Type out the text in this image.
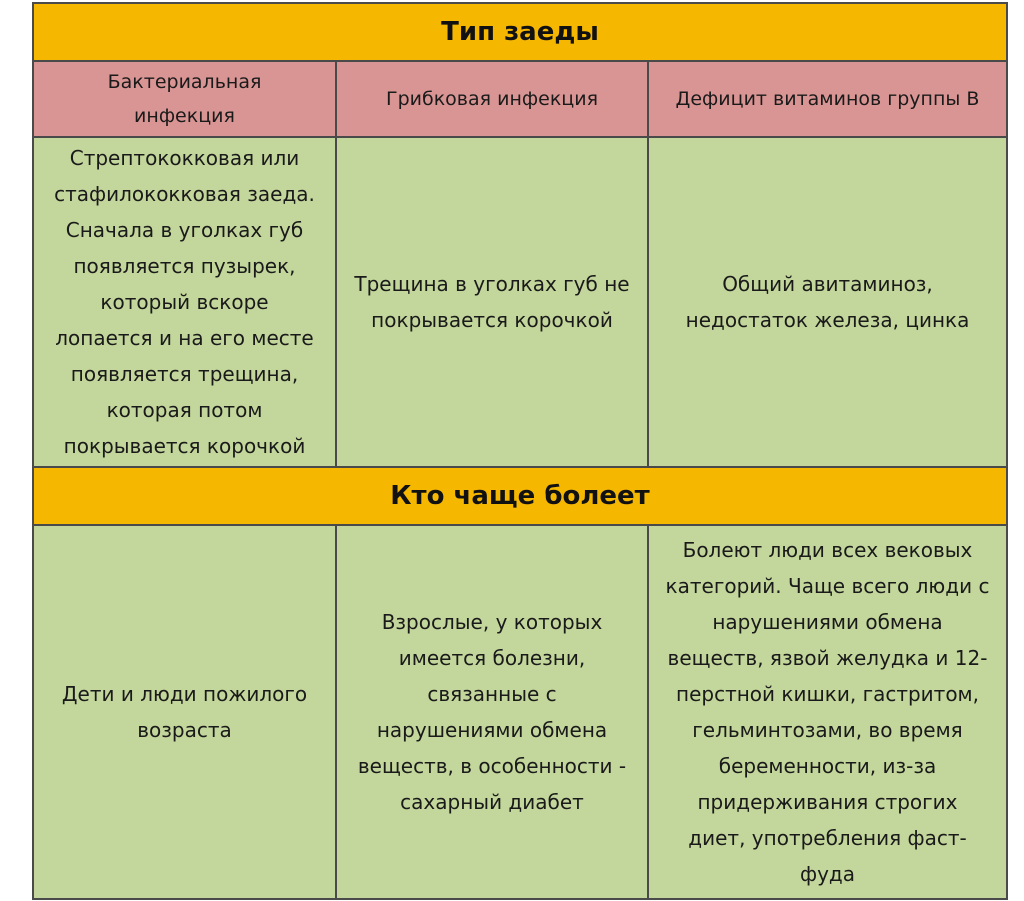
Тип заеды
Бактериальная
инфекция
Грибковая инфекция	Дефицит витаминов группы В
Стрептококковая или
стафилококковая заеда.
Сначала в уголках губ
появляется пузырек,
который вскоре
лопается и на его месте
появляется трещина,
которая потом
покрывается корочкой
Трещина в уголках губ не
покрывается корочкой
Общий авитаминоз,
недостаток железа, цинка
Кто чаще болеет
Дети и люди пожилого
возраста
Взрослые, у которых
имеется болезни,
связанные с
нарушениями обмена
веществ, в особенности -
сахарный диабет
Болеют люди всех вековых
категорий. Чаще всего люди с
нарушениями обмена
веществ, язвой желудка и 12-
перстной кишки, гастритом,
гельминтозами, во время
беременности, из-за
придерживания строгих
диет, употребления фаст-
фуда
